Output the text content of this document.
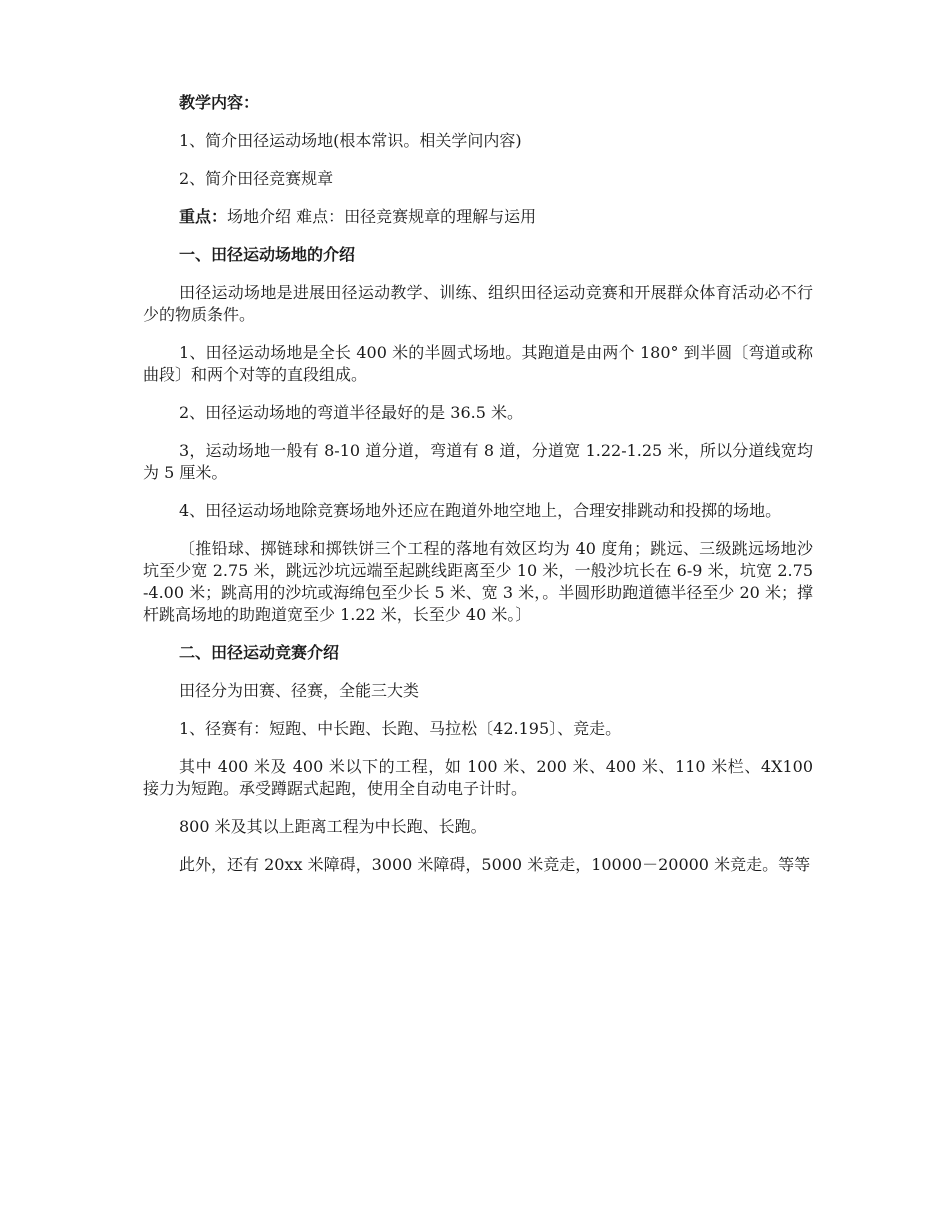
教学内容：

1、简介田径运动场地(根本常识。相关学问内容)

2、简介田径竞赛规章

重点：场地介绍 难点：田径竞赛规章的理解与运用

一、田径运动场地的介绍

田径运动场地是进展田径运动教学、训练、组织田径运动竞赛和开展群众体育活动必不行少的物质条件。

1、田径运动场地是全长 400 米的半圆式场地。其跑道是由两个 180° 到半圆〔弯道或称曲段〕和两个对等的直段组成。

2、田径运动场地的弯道半径最好的是 36.5 米。

3，运动场地一般有 8-10 道分道，弯道有 8 道，分道宽 1.22-1.25 米，所以分道线宽均为 5 厘米。

4、田径运动场地除竞赛场地外还应在跑道外地空地上，合理安排跳动和投掷的场地。

〔推铅球、掷链球和掷铁饼三个工程的落地有效区均为 40 度角；跳远、三级跳远场地沙坑至少宽 2.75 米，跳远沙坑远端至起跳线距离至少 10 米，一般沙坑长在 6-9 米，坑宽 2.75-4.00 米；跳高用的沙坑或海绵包至少长 5 米、宽 3 米，。半圆形助跑道德半径至少 20 米；撑杆跳高场地的助跑道宽至少 1.22 米，长至少 40 米。〕

二、田径运动竞赛介绍

田径分为田赛、径赛，全能三大类

1、径赛有：短跑、中长跑、长跑、马拉松〔42.195〕、竞走。

其中 400 米及 400 米以下的工程，如 100 米、200 米、400 米、110 米栏、4X100 接力为短跑。承受蹲踞式起跑，使用全自动电子计时。

800 米及其以上距离工程为中长跑、长跑。

此外，还有 20xx 米障碍，3000 米障碍，5000 米竞走，10000－20000 米竞走。等等
